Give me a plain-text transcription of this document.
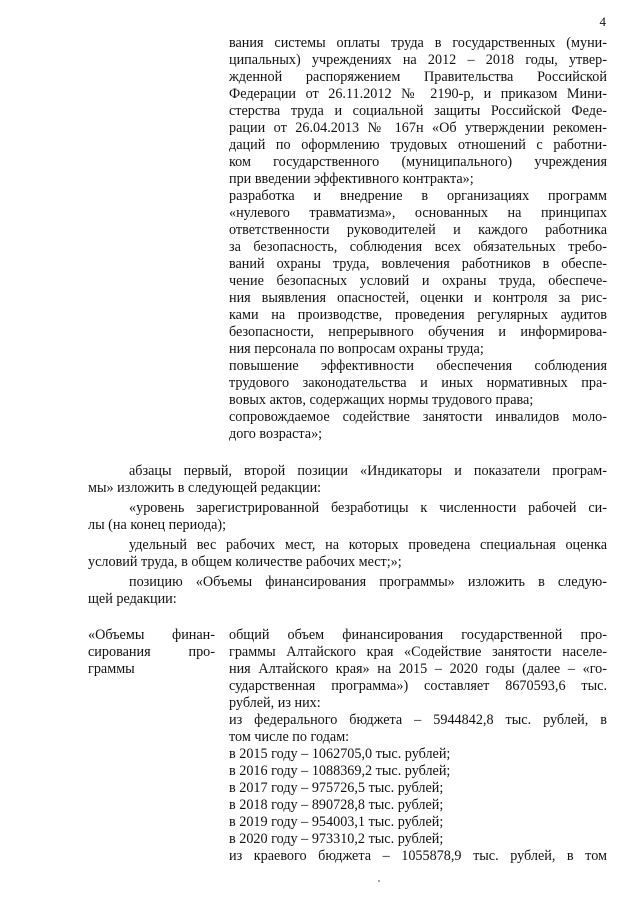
4
вания системы оплаты труда в государственных (муни-
ципальных) учреждениях на 2012 – 2018 годы, утвер-
жденной распоряжением Правительства Российской
Федерации от 26.11.2012 № 2190-р, и приказом Мини-
стерства труда и социальной защиты Российской Феде-
рации от 26.04.2013 № 167н «Об утверждении рекомен-
даций по оформлению трудовых отношений с работни-
ком государственного (муниципального) учреждения
при введении эффективного контракта»;
разработка и внедрение в организациях программ
«нулевого травматизма», основанных на принципах
ответственности руководителей и каждого работника
за безопасность, соблюдения всех обязательных требо-
ваний охраны труда, вовлечения работников в обеспе-
чение безопасных условий и охраны труда, обеспече-
ния выявления опасностей, оценки и контроля за рис-
ками на производстве, проведения регулярных аудитов
безопасности, непрерывного обучения и информирова-
ния персонала по вопросам охраны труда;
повышение эффективности обеспечения соблюдения
трудового законодательства и иных нормативных пра-
вовых актов, содержащих нормы трудового права;
сопровождаемое содействие занятости инвалидов моло-
дого возраста»;
абзацы первый, второй позиции «Индикаторы и показатели програм-
мы» изложить в следующей редакции:
«уровень зарегистрированной безработицы к численности рабочей си-
лы (на конец периода);
удельный вес рабочих мест, на которых проведена специальная оценка
условий труда, в общем количестве рабочих мест;»;
позицию «Объемы финансирования программы» изложить в следую-
щей редакции:
«Объемы финан-
сирования про-
граммы
общий объем финансирования государственной про-
граммы Алтайского края «Содействие занятости населе-
ния Алтайского края» на 2015 – 2020 годы (далее – «го-
сударственная программа») составляет 8670593,6 тыс.
рублей, из них:
из федерального бюджета – 5944842,8 тыс. рублей, в
том числе по годам:
в 2015 году – 1062705,0 тыс. рублей;
в 2016 году – 1088369,2 тыс. рублей;
в 2017 году – 975726,5 тыс. рублей;
в 2018 году – 890728,8 тыс. рублей;
в 2019 году – 954003,1 тыс. рублей;
в 2020 году – 973310,2 тыс. рублей;
из краевого бюджета – 1055878,9 тыс. рублей, в том
